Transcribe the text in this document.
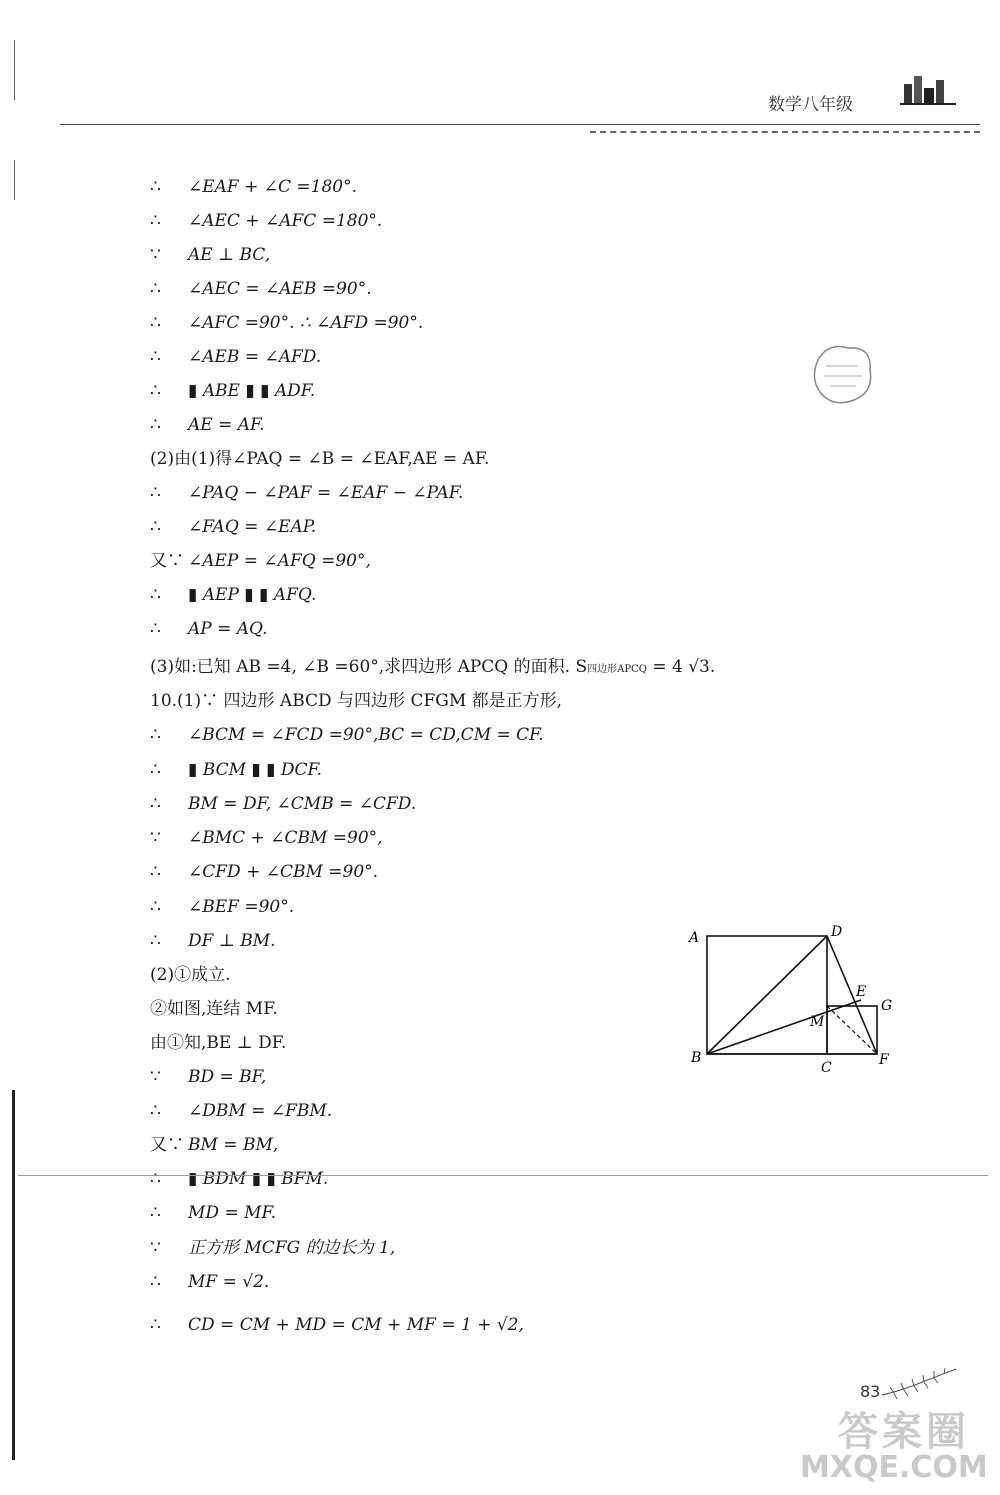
数学八年级
∴ ∠EAF + ∠C =180°.
∴ ∠AEC + ∠AFC =180°.
∵ AE ⊥ BC,
∴ ∠AEC = ∠AEB =90°.
∴ ∠AFC =90°. ∴ ∠AFD =90°.
∴ ∠AEB = ∠AFD.
∴ ▮ ABE ▮ ▮ ADF.
∴ AE = AF.
(2)由(1)得∠PAQ = ∠B = ∠EAF,AE = AF.
∴ ∠PAQ − ∠PAF = ∠EAF − ∠PAF.
∴ ∠FAQ = ∠EAP.
又∵ ∠AEP = ∠AFQ =90°,
∴ ▮ AEP ▮ ▮ AFQ.
∴ AP = AQ.
(3)如:已知 AB =4, ∠B =60°,求四边形 APCQ 的面积. S四边形APCQ = 4 √3.
10.(1)∵ 四边形 ABCD 与四边形 CFGM 都是正方形,
∴ ∠BCM = ∠FCD =90°,BC = CD,CM = CF.
∴ ▮ BCM ▮ ▮ DCF.
∴ BM = DF, ∠CMB = ∠CFD.
∵ ∠BMC + ∠CBM =90°,
∴ ∠CFD + ∠CBM =90°.
∴ ∠BEF =90°.
∴ DF ⊥ BM.
(2)①成立.
②如图,连结 MF.
由①知,BE ⊥ DF.
∵ BD = BF,
∴ ∠DBM = ∠FBM.
又∵ BM = BM,
∴ ▮ BDM ▮ ▮ BFM.
∴ MD = MF.
∵ 正方形 MCFG 的边长为 1,
∴ MF = √2.
∴ CD = CM + MD = CM + MF = 1 + √2,
A	D
B
C
E
G
M
F
83
答案圈
MXQE.COM
